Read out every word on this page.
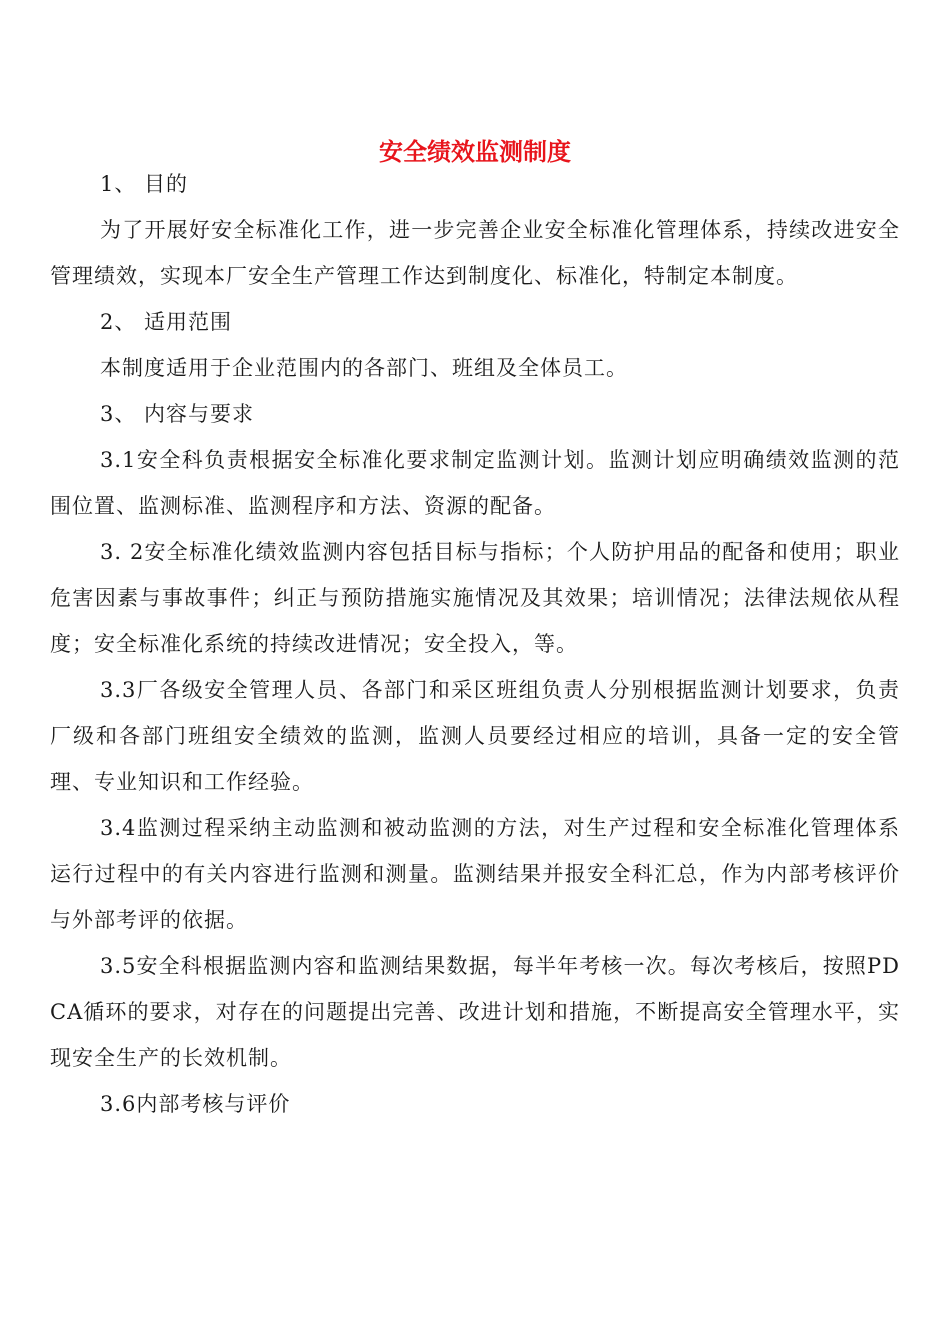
安全绩效监测制度

1、 目的

为了开展好安全标准化工作，进一步完善企业安全标准化管理体系，持续改进安全管理绩效，实现本厂安全生产管理工作达到制度化、标准化，特制定本制度。

2、 适用范围

本制度适用于企业范围内的各部门、班组及全体员工。

3、 内容与要求

3.1安全科负责根据安全标准化要求制定监测计划。监测计划应明确绩效监测的范围位置、监测标准、监测程序和方法、资源的配备。

3. 2安全标准化绩效监测内容包括目标与指标；个人防护用品的配备和使用；职业危害因素与事故事件；纠正与预防措施实施情况及其效果；培训情况；法律法规依从程度；安全标准化系统的持续改进情况；安全投入，等。

3.3厂各级安全管理人员、各部门和采区班组负责人分别根据监测计划要求，负责厂级和各部门班组安全绩效的监测，监测人员要经过相应的培训，具备一定的安全管理、专业知识和工作经验。

3.4监测过程采纳主动监测和被动监测的方法，对生产过程和安全标准化管理体系运行过程中的有关内容进行监测和测量。监测结果并报安全科汇总，作为内部考核评价与外部考评的依据。

3.5安全科根据监测内容和监测结果数据，每半年考核一次。每次考核后，按照PDCA循环的要求，对存在的问题提出完善、改进计划和措施，不断提高安全管理水平，实现安全生产的长效机制。

3.6内部考核与评价
